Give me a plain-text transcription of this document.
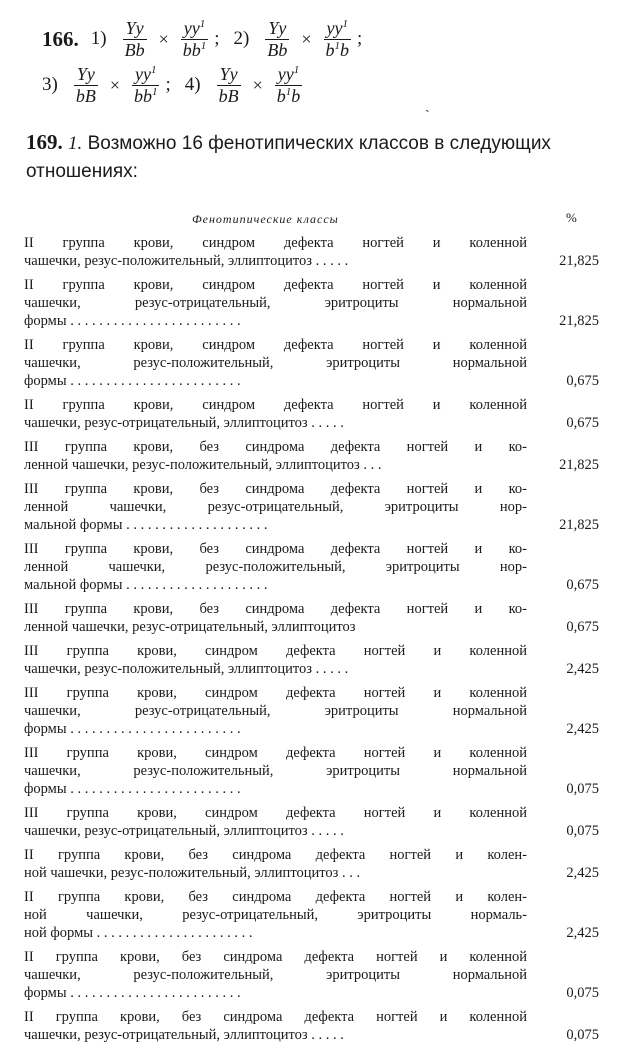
166. $1) \frac{Yy}{Bb} \times \frac{yy^1}{bb^1}$ ; $2) \frac{Yy}{Bb} \times \frac{yy^1}{b^1b}$ ;
$3) \frac{Yy}{bB} \times \frac{yy^1}{bb^1}$ ; $4) \frac{Yy}{bB} \times \frac{yy^1}{b^1b}$
ˎ
169. 1. Возможно 16 фенотипических классов в следующих отношениях:
Фенотипические классы	%
II группа крови, синдром дефекта ногтей и коленной
чашечки, резус-положительный, эллиптоцитоз . . . . .	21,825
II группа крови, синдром дефекта ногтей и коленной
чашечки, резус-отрицательный, эритроциты нормальной
формы . . . . . . . . . . . . . . . . . . . . . . . .	21,825
II группа крови, синдром дефекта ногтей и коленной
чашечки, резус-положительный, эритроциты нормальной
формы . . . . . . . . . . . . . . . . . . . . . . . .	0,675
II группа крови, синдром дефекта ногтей и коленной
чашечки, резус-отрицательный, эллиптоцитоз . . . . .	0,675
III группа крови, без синдрома дефекта ногтей и ко-
ленной чашечки, резус-положительный, эллиптоцитоз . . .	21,825
III группа крови, без синдрома дефекта ногтей и ко-
ленной чашечки, резус-отрицательный, эритроциты нор-
мальной формы . . . . . . . . . . . . . . . . . . . .	21,825
III группа крови, без синдрома дефекта ногтей и ко-
ленной чашечки, резус-положительный, эритроциты нор-
мальной формы . . . . . . . . . . . . . . . . . . . .	0,675
III группа крови, без синдрома дефекта ногтей и ко-
ленной чашечки, резус-отрицательный, эллиптоцитоз	0,675
III группа крови, синдром дефекта ногтей и коленной
чашечки, резус-положительный, эллиптоцитоз . . . . .	2,425
III группа крови, синдром дефекта ногтей и коленной
чашечки, резус-отрицательный, эритроциты нормальной
формы . . . . . . . . . . . . . . . . . . . . . . . .	2,425
III группа крови, синдром дефекта ногтей и коленной
чашечки, резус-положительный, эритроциты нормальной
формы . . . . . . . . . . . . . . . . . . . . . . . .	0,075
III группа крови, синдром дефекта ногтей и коленной
чашечки, резус-отрицательный, эллиптоцитоз . . . . .	0,075
II группа крови, без синдрома дефекта ногтей и колен-
ной чашечки, резус-положительный, эллиптоцитоз . . .	2,425
II группа крови, без синдрома дефекта ногтей и колен-
ной чашечки, резус-отрицательный, эритроциты нормаль-
ной формы . . . . . . . . . . . . . . . . . . . . . .	2,425
II группа крови, без синдрома дефекта ногтей и коленной
чашечки, резус-положительный, эритроциты нормальной
формы . . . . . . . . . . . . . . . . . . . . . . . .	0,075
II группа крови, без синдрома дефекта ногтей и коленной
чашечки, резус-отрицательный, эллиптоцитоз . . . . .	0,075
